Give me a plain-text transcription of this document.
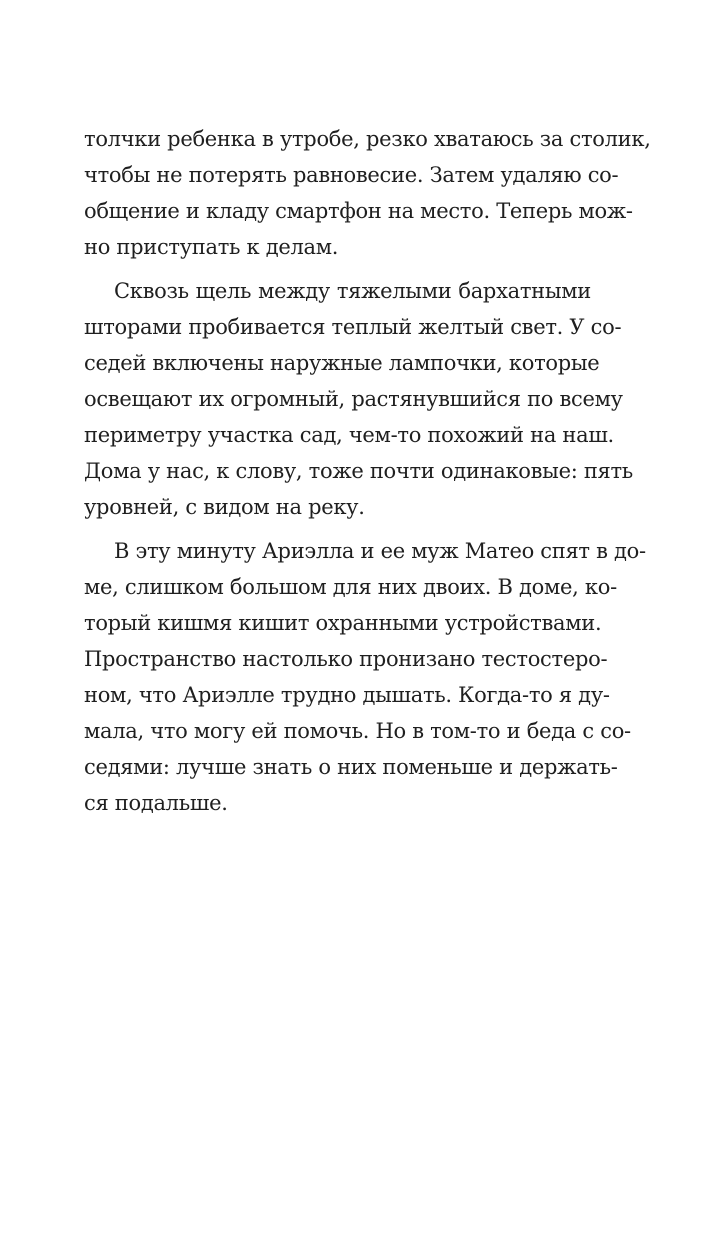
толчки ребенка в утробе, резко хватаюсь за столик,
чтобы не потерять равновесие. Затем удаляю со-
общение и кладу смартфон на место. Теперь мож-
но приступать к делам.
Сквозь щель между тяжелыми бархатными
шторами пробивается теплый желтый свет. У со-
седей включены наружные лампочки, которые
освещают их огромный, растянувшийся по всему
периметру участка сад, чем-то похожий на наш.
Дома у нас, к слову, тоже почти одинаковые: пять
уровней, с видом на реку.
В эту минуту Ариэлла и ее муж Матео спят в до-
ме, слишком большом для них двоих. В доме, ко-
торый кишмя кишит охранными устройствами.
Пространство настолько пронизано тестостеро-
ном, что Ариэлле трудно дышать. Когда-то я ду-
мала, что могу ей помочь. Но в том-то и беда с со-
седями: лучше знать о них поменьше и держать-
ся подальше.
